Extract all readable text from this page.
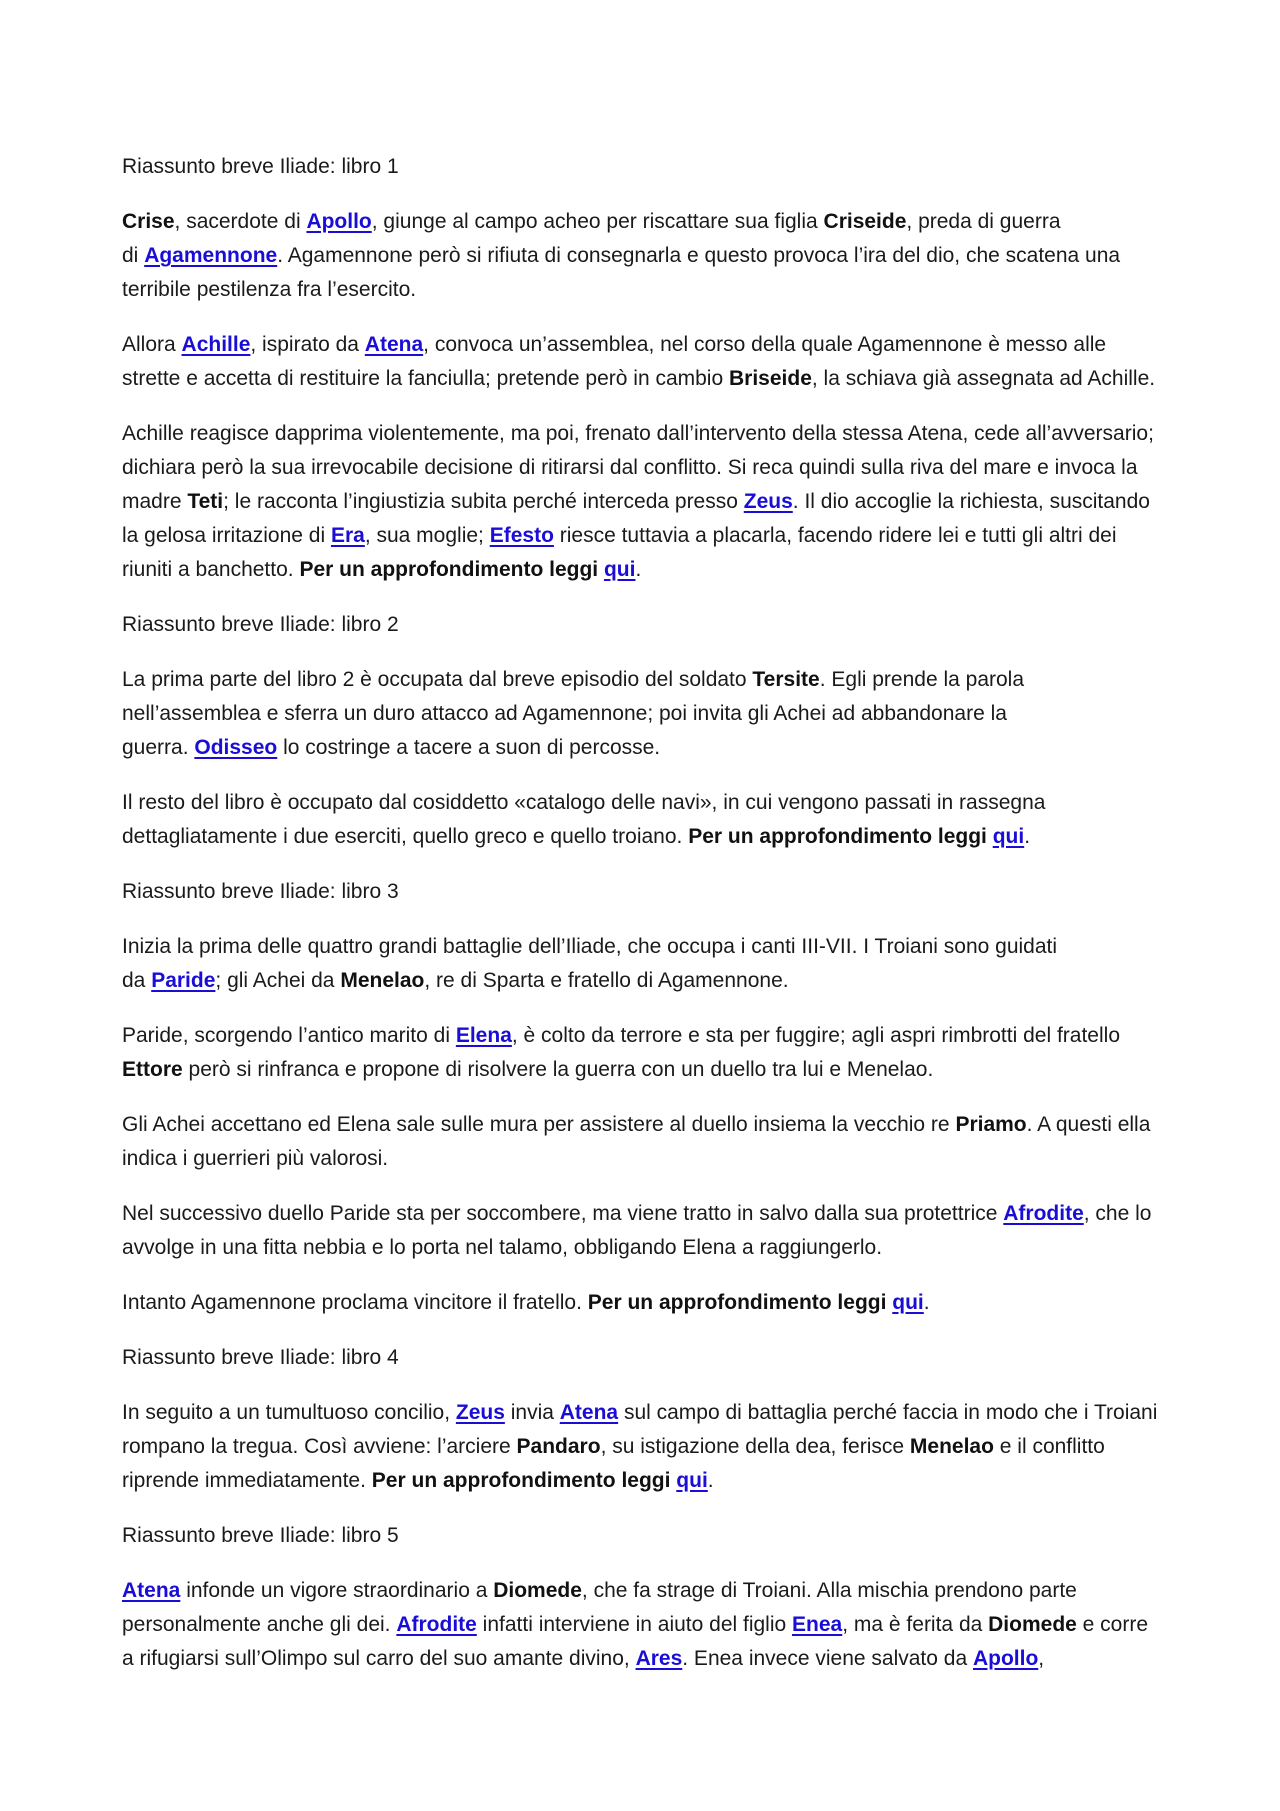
Riassunto breve Iliade: libro 1

Crise, sacerdote di Apollo, giunge al campo acheo per riscattare sua figlia Criseide, preda di guerra
di Agamennone. Agamennone però si rifiuta di consegnarla e questo provoca l’ira del dio, che scatena una terribile pestilenza fra l’esercito.

Allora Achille, ispirato da Atena, convoca un’assemblea, nel corso della quale Agamennone è messo alle strette e accetta di restituire la fanciulla; pretende però in cambio Briseide, la schiava già assegnata ad Achille.

Achille reagisce dapprima violentemente, ma poi, frenato dall’intervento della stessa Atena, cede all’avversario; dichiara però la sua irrevocabile decisione di ritirarsi dal conflitto. Si reca quindi sulla riva del mare e invoca la madre Teti; le racconta l’ingiustizia subita perché interceda presso Zeus. Il dio accoglie la richiesta, suscitando la gelosa irritazione di Era, sua moglie; Efesto riesce tuttavia a placarla, facendo ridere lei e tutti gli altri dei riuniti a banchetto. Per un approfondimento leggi qui.

Riassunto breve Iliade: libro 2

La prima parte del libro 2 è occupata dal breve episodio del soldato Tersite. Egli prende la parola nell’assemblea e sferra un duro attacco ad Agamennone; poi invita gli Achei ad abbandonare la
guerra. Odisseo lo costringe a tacere a suon di percosse.

Il resto del libro è occupato dal cosiddetto «catalogo delle navi», in cui vengono passati in rassegna dettagliatamente i due eserciti, quello greco e quello troiano. Per un approfondimento leggi qui.

Riassunto breve Iliade: libro 3

Inizia la prima delle quattro grandi battaglie dell’Iliade, che occupa i canti III-VII. I Troiani sono guidati
da Paride; gli Achei da Menelao, re di Sparta e fratello di Agamennone.

Paride, scorgendo l’antico marito di Elena, è colto da terrore e sta per fuggire; agli aspri rimbrotti del fratello Ettore però si rinfranca e propone di risolvere la guerra con un duello tra lui e Menelao.

Gli Achei accettano ed Elena sale sulle mura per assistere al duello insiema la vecchio re Priamo. A questi ella indica i guerrieri più valorosi.

Nel successivo duello Paride sta per soccombere, ma viene tratto in salvo dalla sua protettrice Afrodite, che lo avvolge in una fitta nebbia e lo porta nel talamo, obbligando Elena a raggiungerlo.

Intanto Agamennone proclama vincitore il fratello. Per un approfondimento leggi qui.

Riassunto breve Iliade: libro 4

In seguito a un tumultuoso concilio, Zeus invia Atena sul campo di battaglia perché faccia in modo che i Troiani rompano la tregua. Così avviene: l’arciere Pandaro, su istigazione della dea, ferisce Menelao e il conflitto riprende immediatamente. Per un approfondimento leggi qui.

Riassunto breve Iliade: libro 5

Atena infonde un vigore straordinario a Diomede, che fa strage di Troiani. Alla mischia prendono parte personalmente anche gli dei. Afrodite infatti interviene in aiuto del figlio Enea, ma è ferita da Diomede e corre a rifugiarsi sull’Olimpo sul carro del suo amante divino, Ares. Enea invece viene salvato da Apollo,
